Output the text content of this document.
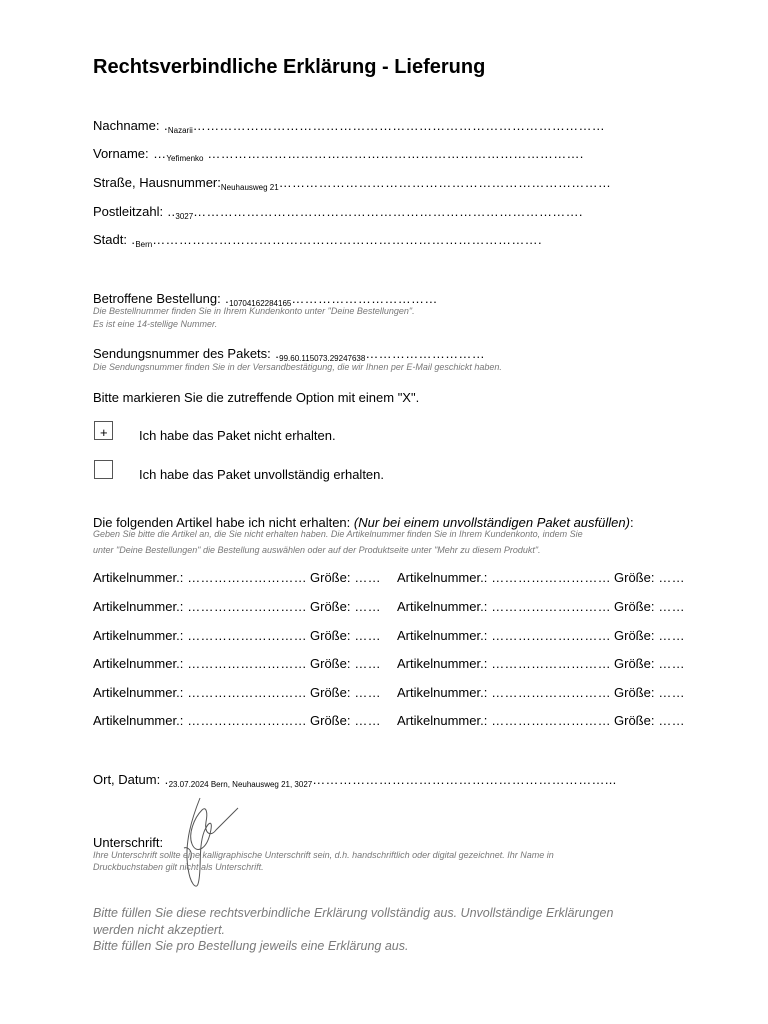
Rechtsverbindliche Erklärung - Lieferung
Nachname: .Nazarii…………………………………………………………………………………
Vorname: …Yefimenko ………………………………………………………………………….
Straße, Hausnummer:Neuhausweg 21…………………………………………………………………
Postleitzahl: ..3027…………………………………………………………………………….
Stadt: .Bern…………………………………………………………………………….
Betroffene Bestellung: .10704162284165……………………………
Die Bestellnummer finden Sie in Ihrem Kundenkonto unter "Deine Bestellungen".
Es ist eine 14-stellige Nummer.
Sendungsnummer des Pakets: .99.60.115073.29247638………………………
Die Sendungsnummer finden Sie in der Versandbestätigung, die wir Ihnen per E-Mail geschickt haben.
Bitte markieren Sie die zutreffende Option mit einem "X".
+ Ich habe das Paket nicht erhalten.
Ich habe das Paket unvollständig erhalten.
Die folgenden Artikel habe ich nicht erhalten: (Nur bei einem unvollständigen Paket ausfüllen):
Geben Sie bitte die Artikel an, die Sie nicht erhalten haben. Die Artikelnummer finden Sie in Ihrem Kundenkonto, indem Sie
unter "Deine Bestellungen" die Bestellung auswählen oder auf der Produktseite unter "Mehr zu diesem Produkt".
Artikelnummer.: ……………………… Größe: …… Artikelnummer.: ……………………… Größe: ……
Artikelnummer.: ……………………… Größe: …… Artikelnummer.: ……………………… Größe: ……
Artikelnummer.: ……………………… Größe: …… Artikelnummer.: ……………………… Größe: ……
Artikelnummer.: ……………………… Größe: …… Artikelnummer.: ……………………… Größe: ……
Artikelnummer.: ……………………… Größe: …… Artikelnummer.: ……………………… Größe: ……
Artikelnummer.: ……………………… Größe: …… Artikelnummer.: ……………………… Größe: ……
Ort, Datum: .23.07.2024 Bern, Neuhausweg 21, 3027…………………………………………………………...
Unterschrift:
Ihre Unterschrift sollte eine kalligraphische Unterschrift sein, d.h. handschriftlich oder digital gezeichnet. Ihr Name in
Druckbuchstaben gilt nicht als Unterschrift.
Bitte füllen Sie diese rechtsverbindliche Erklärung vollständig aus. Unvollständige Erklärungen
werden nicht akzeptiert.
Bitte füllen Sie pro Bestellung jeweils eine Erklärung aus.
